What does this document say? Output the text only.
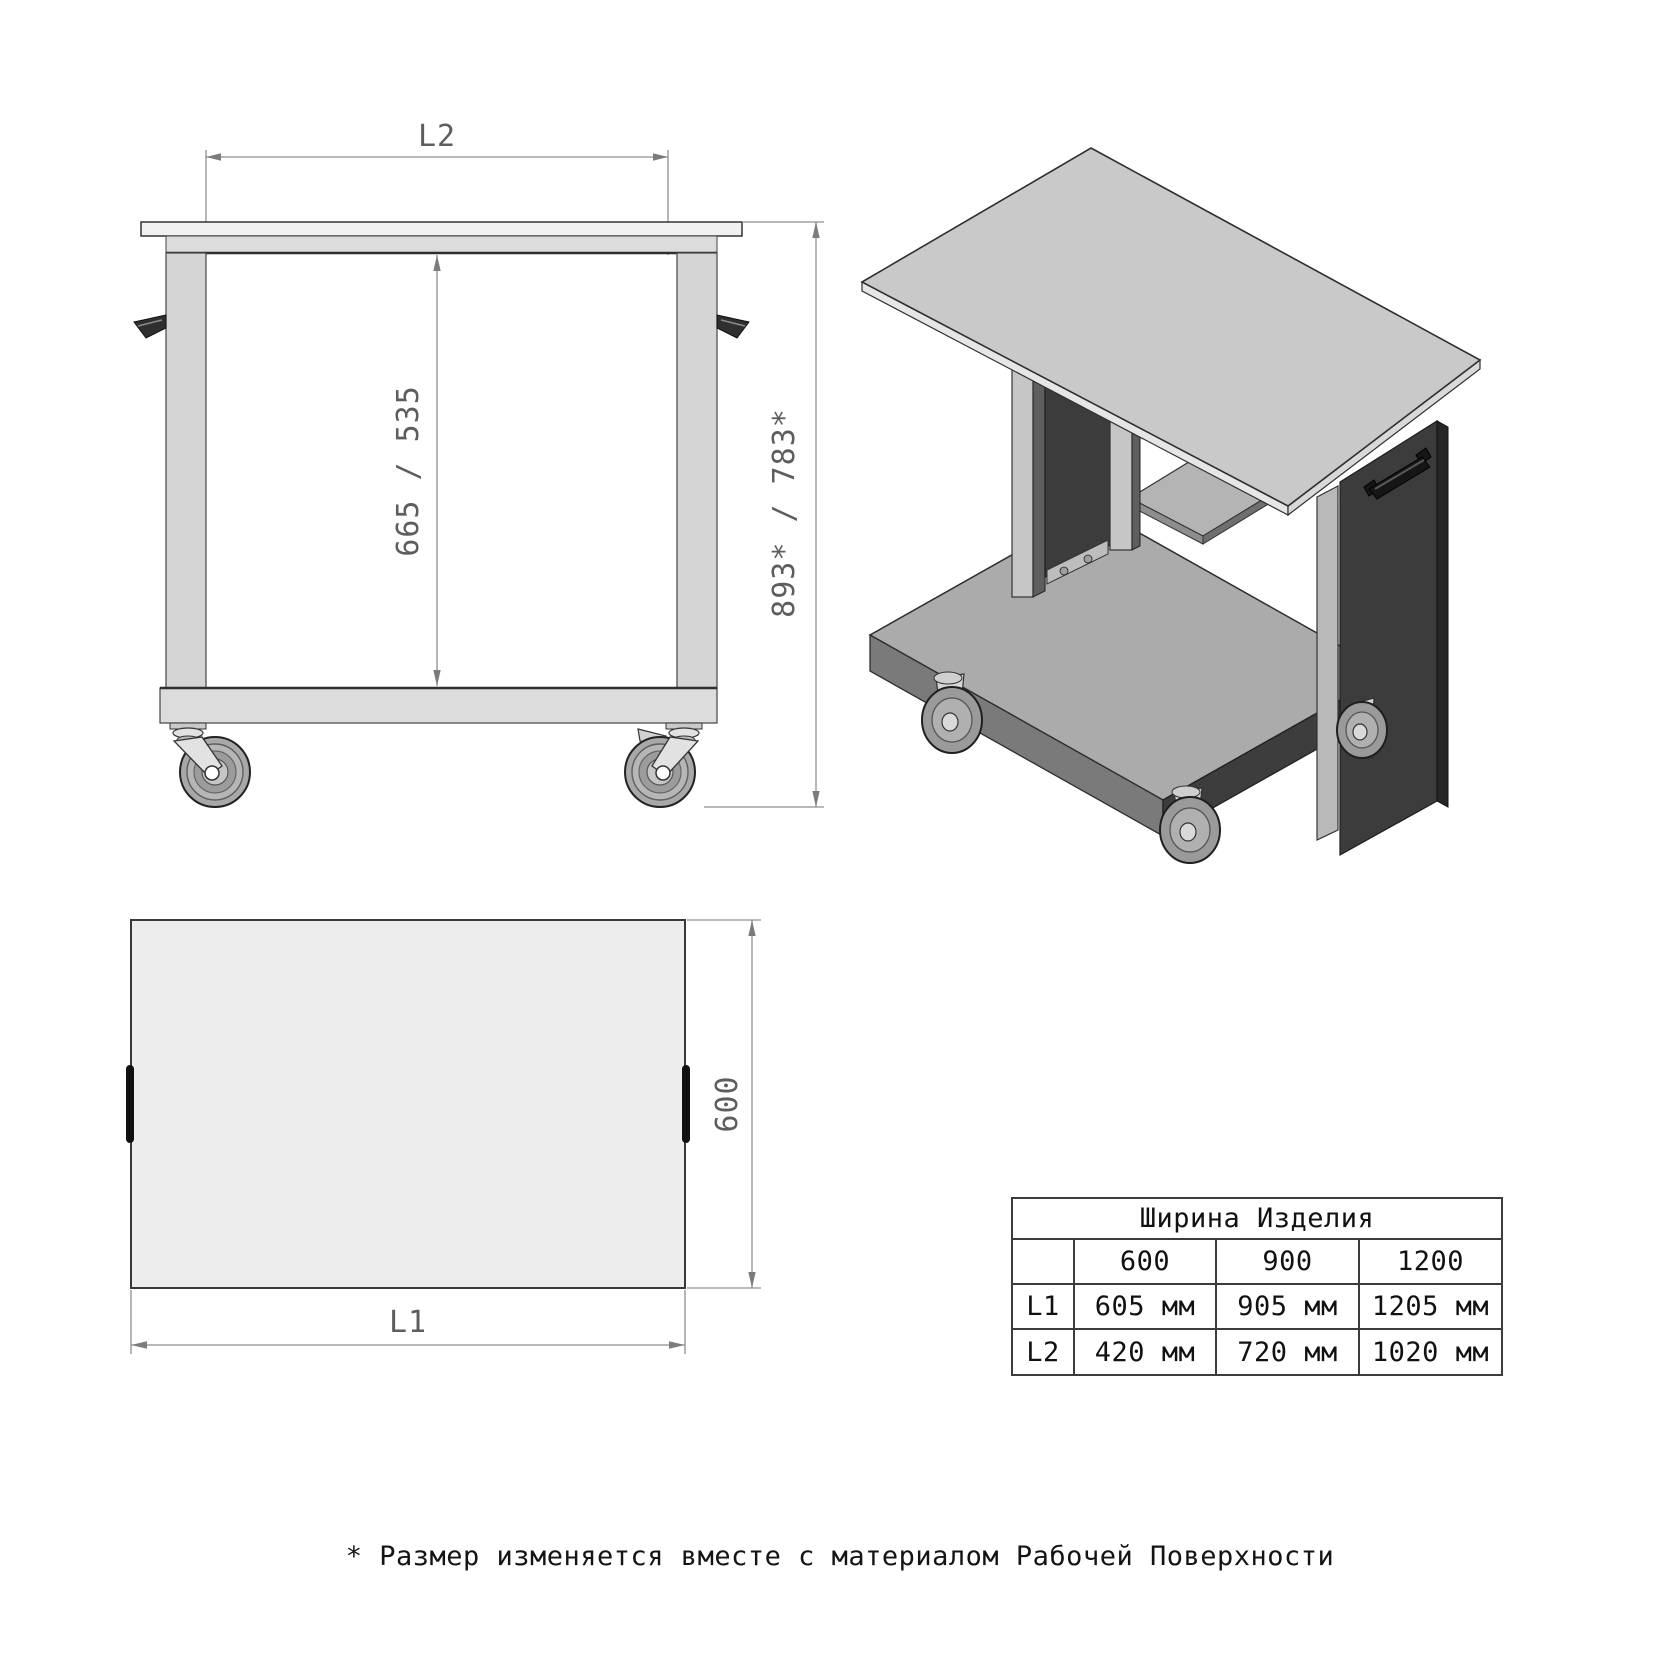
L2
665 / 535	893* / 783*
600
L1
Ширина Изделия			
	600	900	1200
L1	605 мм	905 мм	1205 мм
L2	420 мм	720 мм	1020 мм
* Размер изменяется вместе с материалом Рабочей Поверхности
